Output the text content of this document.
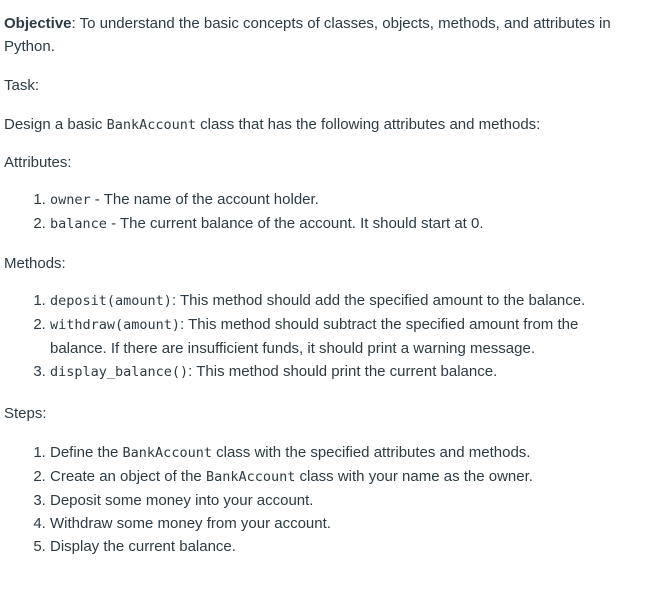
Objective: To understand the basic concepts of classes, objects, methods, and attributes in Python.

Task:

Design a basic BankAccount class that has the following attributes and methods:

Attributes:

1. owner - The name of the account holder.
2. balance - The current balance of the account. It should start at 0.

Methods:

1. deposit(amount): This method should add the specified amount to the balance.
2. withdraw(amount): This method should subtract the specified amount from the balance. If there are insufficient funds, it should print a warning message.
3. display_balance(): This method should print the current balance.

Steps:

1. Define the BankAccount class with the specified attributes and methods.
2. Create an object of the BankAccount class with your name as the owner.
3. Deposit some money into your account.
4. Withdraw some money from your account.
5. Display the current balance.
